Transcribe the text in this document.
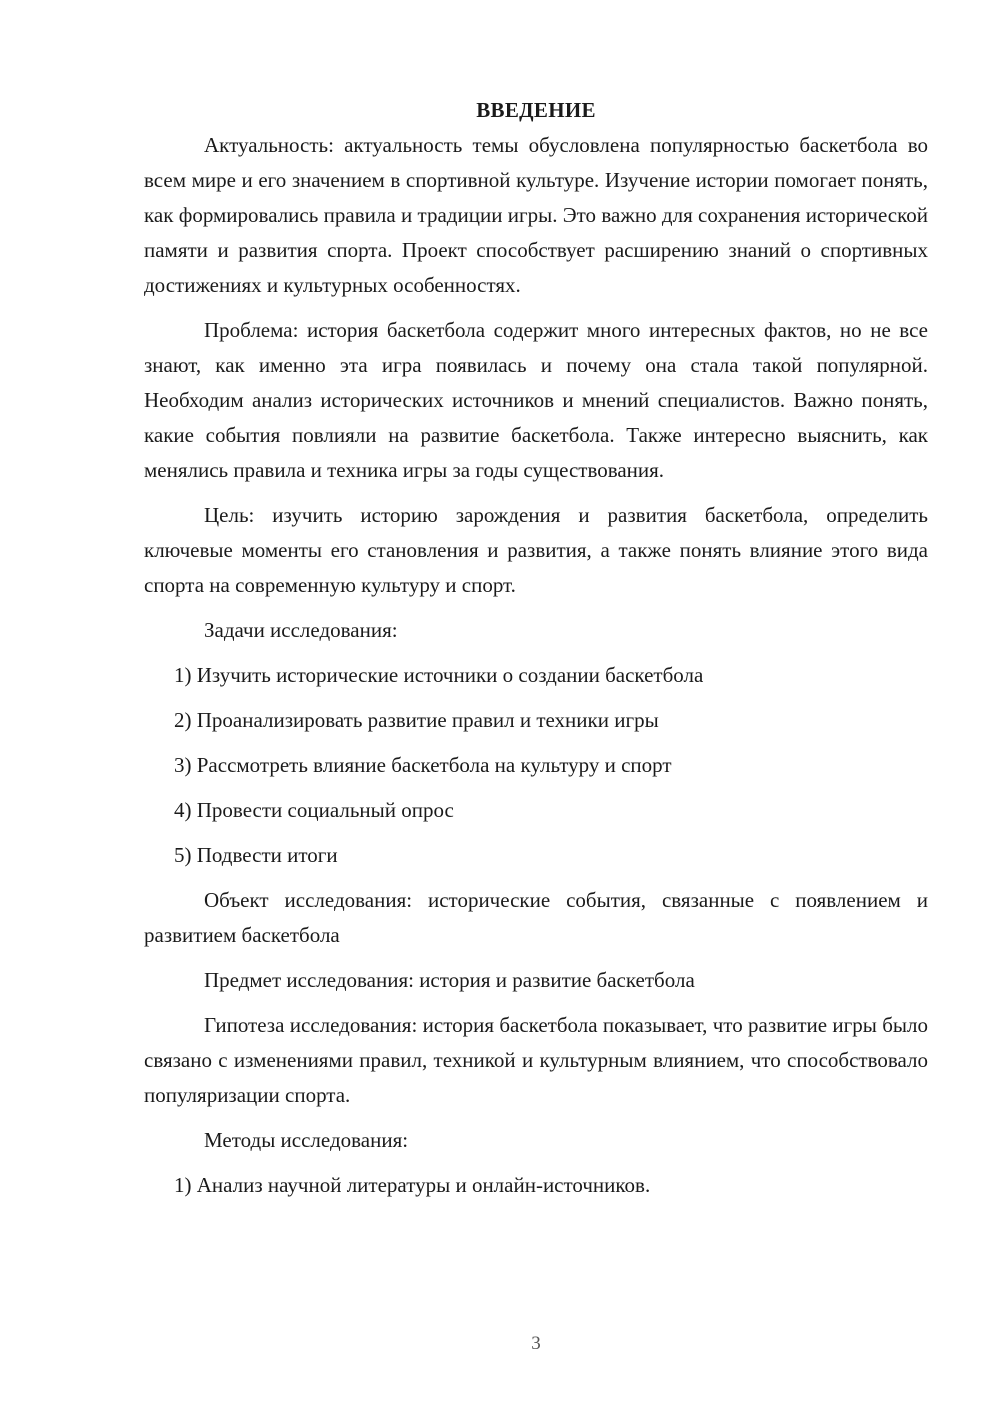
ВВЕДЕНИЕ

Актуальность: актуальность темы обусловлена популярностью баскетбола во всем мире и его значением в спортивной культуре. Изучение истории помогает понять, как формировались правила и традиции игры. Это важно для сохранения исторической памяти и развития спорта. Проект способствует расширению знаний о спортивных достижениях и культурных особенностях.

Проблема: история баскетбола содержит много интересных фактов, но не все знают, как именно эта игра появилась и почему она стала такой популярной. Необходим анализ исторических источников и мнений специалистов. Важно понять, какие события повлияли на развитие баскетбола. Также интересно выяснить, как менялись правила и техника игры за годы существования.

Цель: изучить историю зарождения и развития баскетбола, определить ключевые моменты его становления и развития, а также понять влияние этого вида спорта на современную культуру и спорт.

Задачи исследования:

1) Изучить исторические источники о создании баскетбола
2) Проанализировать развитие правил и техники игры
3) Рассмотреть влияние баскетбола на культуру и спорт
4) Провести социальный опрос
5) Подвести итоги

Объект исследования: исторические события, связанные с появлением и развитием баскетбола

Предмет исследования: история и развитие баскетбола

Гипотеза исследования: история баскетбола показывает, что развитие игры было связано с изменениями правил, техникой и культурным влиянием, что способствовало популяризации спорта.

Методы исследования:

1) Анализ научной литературы и онлайн-источников.
3
